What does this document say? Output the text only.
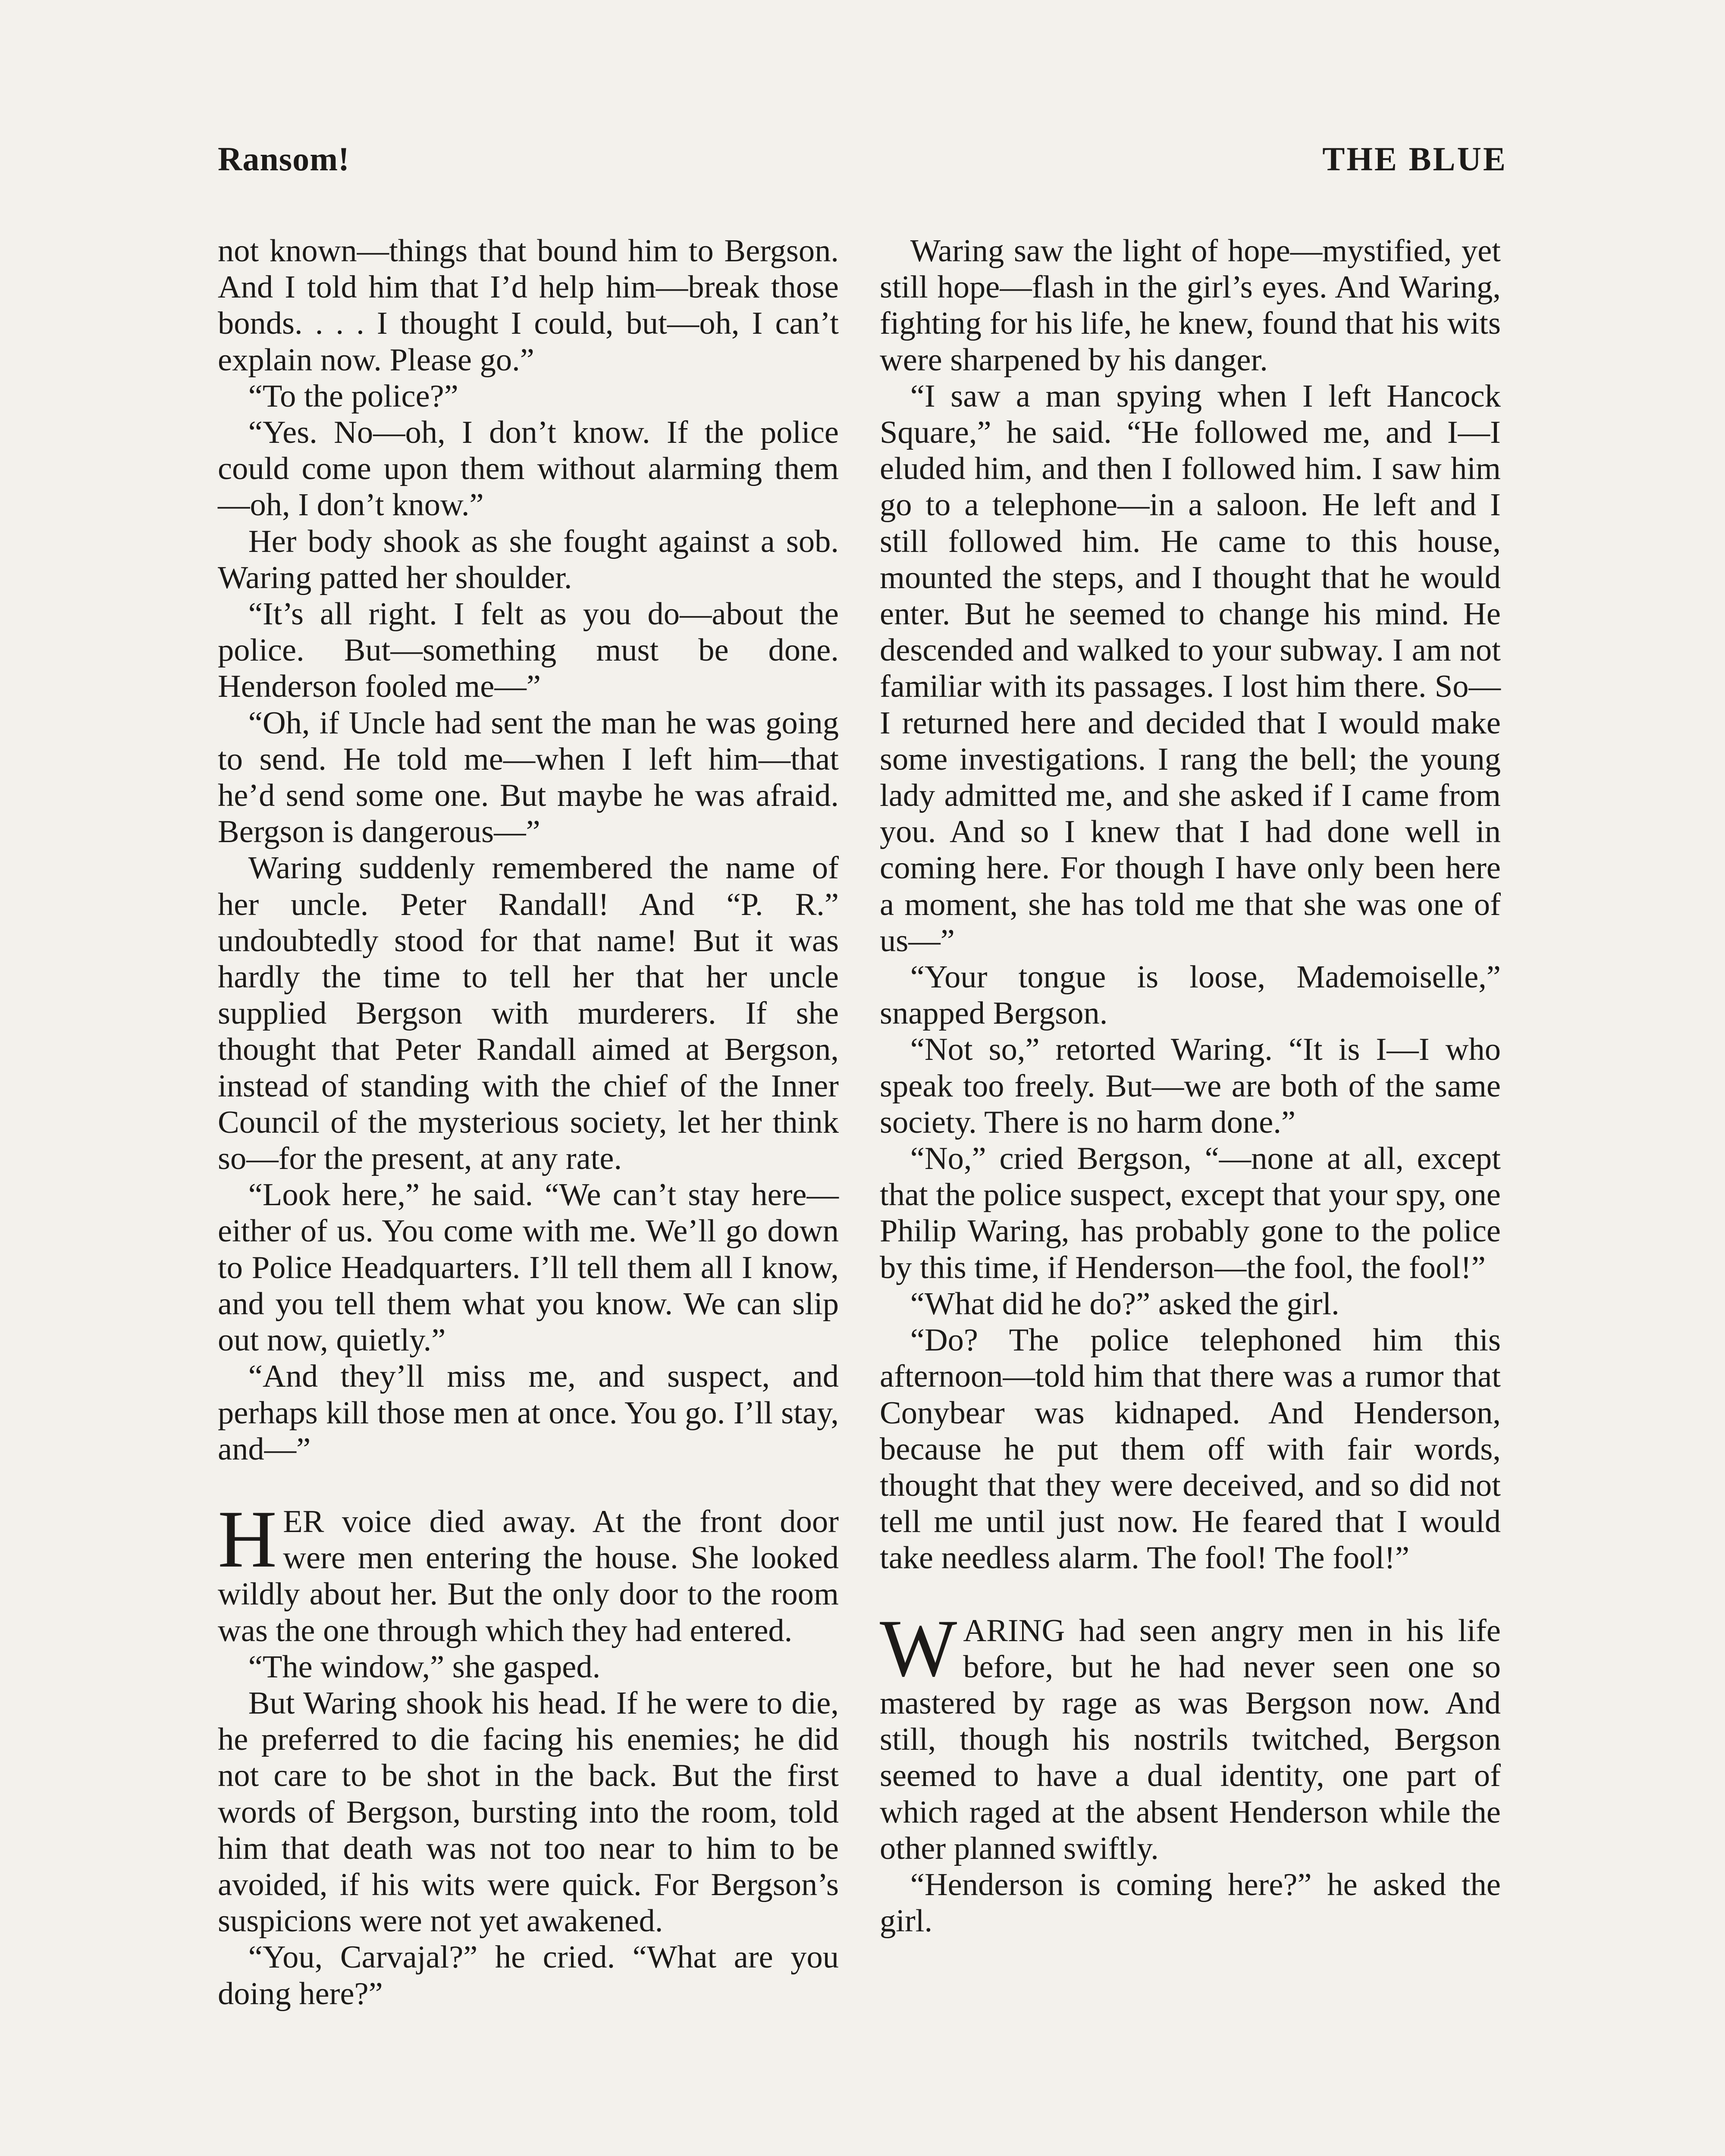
Ransom!	THE BLUE

not known—things that bound him to Bergson. And I told him that I’d help him—break those bonds. . . . I thought I could, but—oh, I can’t explain now. Please go.”

“To the police?”

“Yes. No—oh, I don’t know. If the police could come upon them without alarming them—oh, I don’t know.”

Her body shook as she fought against a sob. Waring patted her shoulder.

“It’s all right. I felt as you do—about the police. But—something must be done. Henderson fooled me—”

“Oh, if Uncle had sent the man he was going to send. He told me—when I left him—that he’d send some one. But maybe he was afraid. Bergson is dangerous—”

Waring suddenly remembered the name of her uncle. Peter Randall! And “P. R.” undoubtedly stood for that name! But it was hardly the time to tell her that her uncle supplied Bergson with murderers. If she thought that Peter Randall aimed at Bergson, instead of standing with the chief of the Inner Council of the mysterious society, let her think so—for the present, at any rate.

“Look here,” he said. “We can’t stay here—either of us. You come with me. We’ll go down to Police Headquarters. I’ll tell them all I know, and you tell them what you know. We can slip out now, quietly.”

“And they’ll miss me, and suspect, and perhaps kill those men at once. You go. I’ll stay, and—”

HER voice died away. At the front door were men entering the house. She looked wildly about her. But the only door to the room was the one through which they had entered.

“The window,” she gasped.

But Waring shook his head. If he were to die, he preferred to die facing his enemies; he did not care to be shot in the back. But the first words of Bergson, bursting into the room, told him that death was not too near to him to be avoided, if his wits were quick. For Bergson’s suspicions were not yet awakened.

“You, Carvajal?” he cried. “What are you doing here?”

Waring saw the light of hope—mystified, yet still hope—flash in the girl’s eyes. And Waring, fighting for his life, he knew, found that his wits were sharpened by his danger.

“I saw a man spying when I left Hancock Square,” he said. “He followed me, and I—I eluded him, and then I followed him. I saw him go to a telephone—in a saloon. He left and I still followed him. He came to this house, mounted the steps, and I thought that he would enter. But he seemed to change his mind. He descended and walked to your subway. I am not familiar with its passages. I lost him there. So—I returned here and decided that I would make some investigations. I rang the bell; the young lady admitted me, and she asked if I came from you. And so I knew that I had done well in coming here. For though I have only been here a moment, she has told me that she was one of us—”

“Your tongue is loose, Mademoiselle,” snapped Bergson.

“Not so,” retorted Waring. “It is I—I who speak too freely. But—we are both of the same society. There is no harm done.”

“No,” cried Bergson, “—none at all, except that the police suspect, except that your spy, one Philip Waring, has probably gone to the police by this time, if Henderson—the fool, the fool!”

“What did he do?” asked the girl.

“Do? The police telephoned him this afternoon—told him that there was a rumor that Conybear was kidnaped. And Henderson, because he put them off with fair words, thought that they were deceived, and so did not tell me until just now. He feared that I would take needless alarm. The fool! The fool!”

WARING had seen angry men in his life before, but he had never seen one so mastered by rage as was Bergson now. And still, though his nostrils twitched, Bergson seemed to have a dual identity, one part of which raged at the absent Henderson while the other planned swiftly.

“Henderson is coming here?” he asked the girl.
